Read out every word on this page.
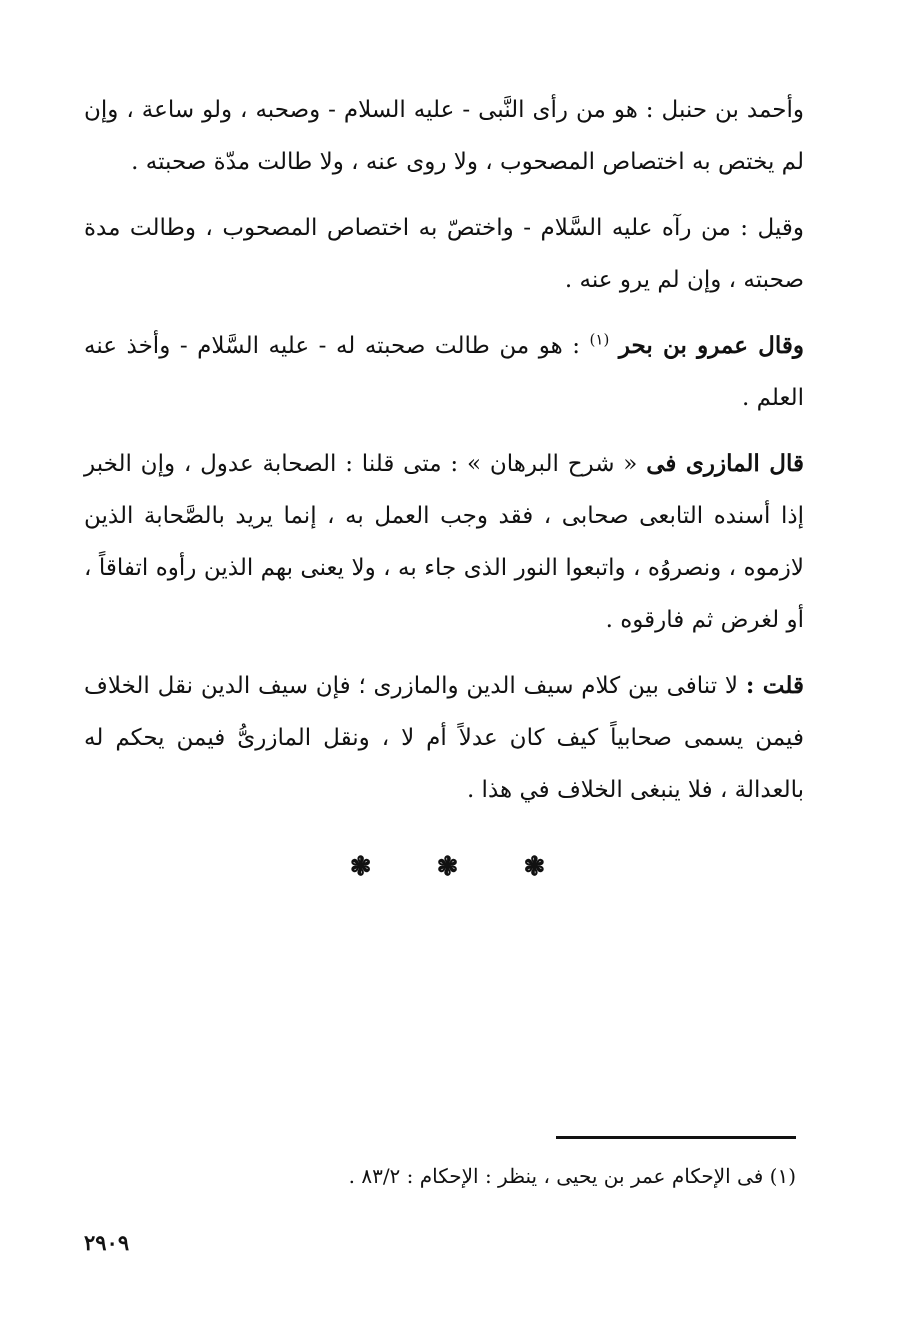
وأحمد بن حنبل : هو من رأى النَّبى - عليه السلام - وصحبه ، ولو ساعة ، وإن لم يختص به اختصاص المصحوب ، ولا روى عنه ، ولا طالت مدّة صحبته .

وقيل : من رآه عليه السَّلام - واختصّ به اختصاص المصحوب ، وطالت مدة صحبته ، وإن لم يرو عنه .

وقال عمرو بن بحر $^{(١)}$ : هو من طالت صحبته له - عليه السَّلام - وأخذ عنه العلم .

قال المازرى فى « شرح البرهان » : متى قلنا : الصحابة عدول ، وإن الخبر إذا أسنده التابعى صحابى ، فقد وجب العمل به ، إنما يريد بالصَّحابة الذين لازموه ، ونصروُه ، واتبعوا النور الذى جاء به ، ولا يعنى بهم الذين رأوه اتفاقاً ، أو لغرض ثم فارقوه .

قلت : لا تنافى بين كلام سيف الدين والمازرى ؛ فإن سيف الدين نقل الخلاف فيمن يسمى صحابياً كيف كان عدلاً أم لا ، ونقل المازرىُّ فيمن يحكم له بالعدالة ، فلا ينبغى الخلاف في هذا .

❃ ❃ ❃
(١) فى الإحكام عمر بن يحيى ، ينظر : الإحكام : ٨٣/٢ .
٢٩٠٩
